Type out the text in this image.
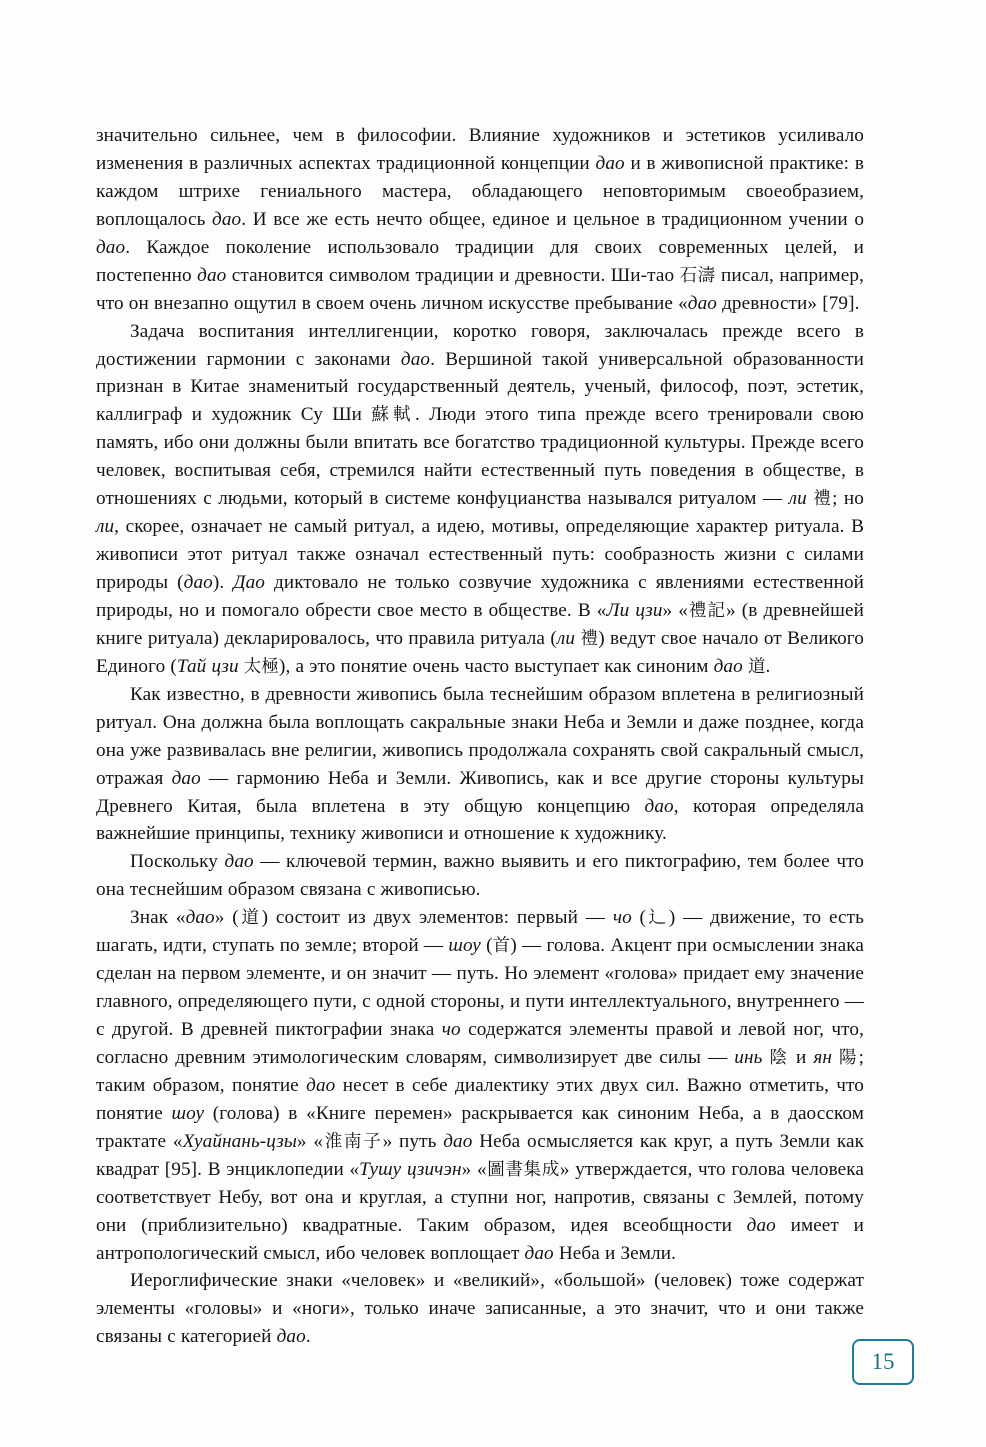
значительно сильнее, чем в философии. Влияние художников и эстетиков усиливало изменения в различных аспектах традиционной концепции дао и в живописной практике: в каждом штрихе гениального мастера, обладающего неповторимым своеобразием, воплощалось дао. И все же есть нечто общее, единое и цельное в традиционном учении о дао. Каждое поколение использовало традиции для своих современных целей, и постепенно дао становится символом традиции и древности. Ши-тао 石濤 писал, например, что он внезапно ощутил в своем очень личном искусстве пребывание «дао древности» [79].

Задача воспитания интеллигенции, коротко говоря, заключалась прежде всего в достижении гармонии с законами дао. Вершиной такой универсальной образованности признан в Китае знаменитый государственный деятель, ученый, философ, поэт, эстетик, каллиграф и художник Су Ши 蘇軾. Люди этого типа прежде всего тренировали свою память, ибо они должны были впитать все богатство традиционной культуры. Прежде всего человек, воспитывая себя, стремился найти естественный путь поведения в обществе, в отношениях с людьми, который в системе конфуцианства назывался ритуалом — ли 禮; но ли, скорее, означает не самый ритуал, а идею, мотивы, определяющие характер ритуала. В живописи этот ритуал также означал естественный путь: сообразность жизни с силами природы (дао). Дао диктовало не только созвучие художника с явлениями естественной природы, но и помогало обрести свое место в обществе. В «Ли цзи» «禮記» (в древнейшей книге ритуала) декларировалось, что правила ритуала (ли 禮) ведут свое начало от Великого Единого (Тай цзи 太極), а это понятие очень часто выступает как синоним дао 道.

Как известно, в древности живопись была теснейшим образом вплетена в религиозный ритуал. Она должна была воплощать сакральные знаки Неба и Земли и даже позднее, когда она уже развивалась вне религии, живопись продолжала сохранять свой сакральный смысл, отражая дао — гармонию Неба и Земли. Живопись, как и все другие стороны культуры Древнего Китая, была вплетена в эту общую концепцию дао, которая определяла важнейшие принципы, технику живописи и отношение к художнику.

Поскольку дао — ключевой термин, важно выявить и его пиктографию, тем более что она теснейшим образом связана с живописью.

Знак «дао» (道) состоит из двух элементов: первый — чо (辶) — движение, то есть шагать, идти, ступать по земле; второй — шоу (首) — голова. Акцент при осмыслении знака сделан на первом элементе, и он значит — путь. Но элемент «голова» придает ему значение главного, определяющего пути, с одной стороны, и пути интеллектуального, внутреннего — с другой. В древней пиктографии знака чо содержатся элементы правой и левой ног, что, согласно древним этимологическим словарям, символизирует две силы — инь 陰 и ян 陽; таким образом, понятие дао несет в себе диалектику этих двух сил. Важно отметить, что понятие шоу (голова) в «Книге перемен» раскрывается как синоним Неба, а в даосском трактате «Хуайнань-цзы» «淮南子» путь дао Неба осмысляется как круг, а путь Земли как квадрат [95]. В энциклопедии «Тушу цзичэн» «圖書集成» утверждается, что голова человека соответствует Небу, вот она и круглая, а ступни ног, напротив, связаны с Землей, потому они (приблизительно) квадратные. Таким образом, идея всеобщности дао имеет и антропологический смысл, ибо человек воплощает дао Неба и Земли.

Иероглифические знаки «человек» и «великий», «большой» (человек) тоже содержат элементы «головы» и «ноги», только иначе записанные, а это значит, что и они также связаны с категорией дао.

15
